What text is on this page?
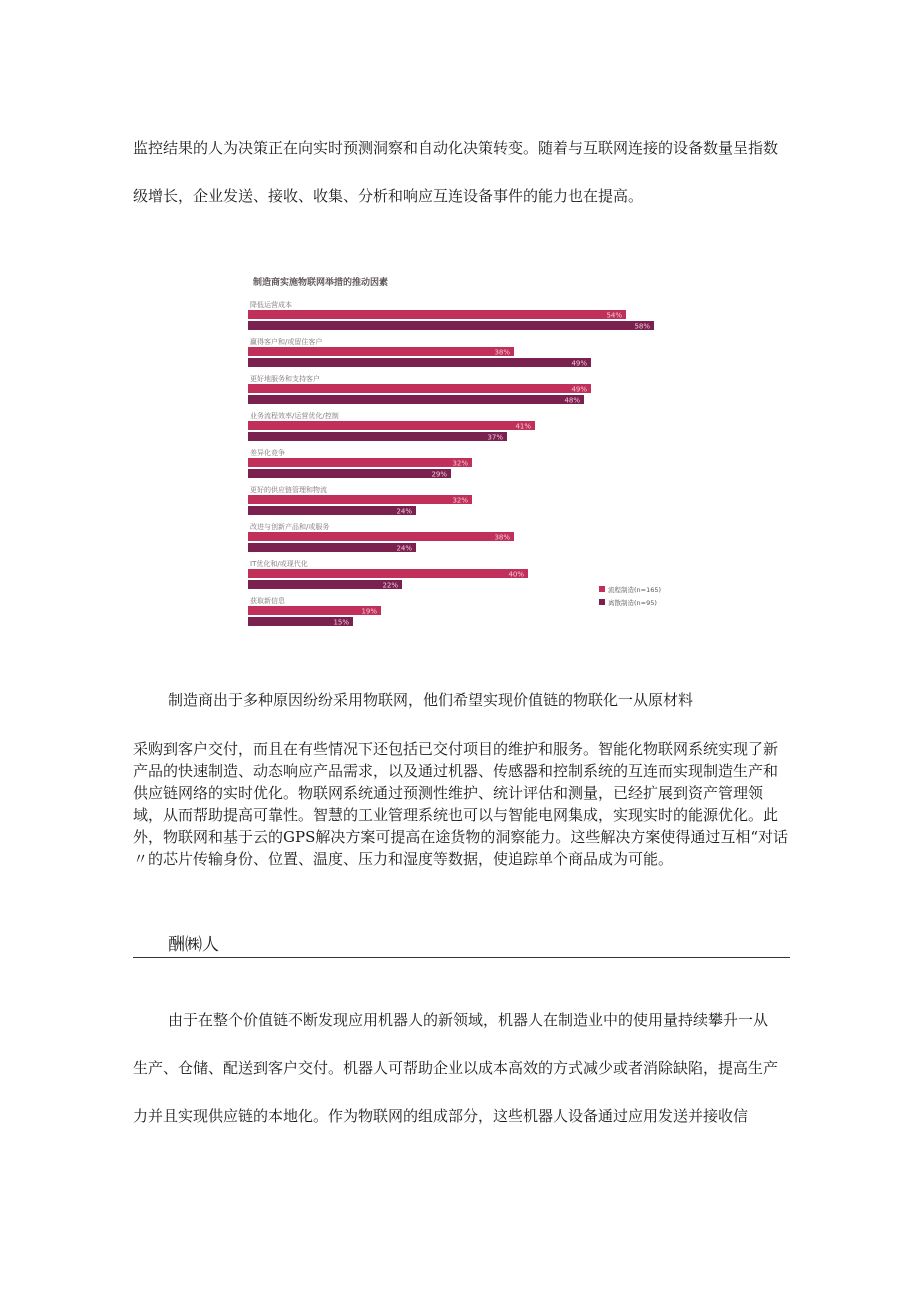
监控结果的人为决策正在向实时预测洞察和自动化决策转变。随着与互联网连接的设备数量呈指数级增长，企业发送、接收、收集、分析和响应互连设备事件的能力也在提高。

制造商实施物联网举措的推动因素
降低运营成本
54%
58%
赢得客户和/或留住客户
38%
49%
更好地服务和支持客户
49%
48%
业务流程效率/运营优化/控制
41%
37%
差异化竞争
32%
29%
更好的供应链管理和物流
32%
24%
改进与创新产品和/或服务
38%
24%
IT优化和/或现代化
40%
22%
获取新信息
19%
15%
流程制造(n=165)
离散制造(n=95)

制造商出于多种原因纷纷采用物联网，他们希望实现价值链的物联化一从原材料

采购到客户交付，而且在有些情况下还包括已交付项目的维护和服务。智能化物联网系统实现了新产品的快速制造、动态响应产品需求，以及通过机器、传感器和控制系统的互连而实现制造生产和供应链网络的实时优化。物联网系统通过预测性维护、统计评估和测量，已经扩展到资产管理领域，从而帮助提高可靠性。智慧的工业管理系统也可以与智能电网集成，实现实时的能源优化。此外，物联网和基于云的GPS解决方案可提高在途货物的洞察能力。这些解决方案使得通过互相“对话〃的芯片传输身份、位置、温度、压力和湿度等数据，使追踪单个商品成为可能。

酬㈱人

由于在整个价值链不断发现应用机器人的新领域，机器人在制造业中的使用量持续攀升一从

生产、仓储、配送到客户交付。机器人可帮助企业以成本高效的方式减少或者消除缺陷，提高生产力并且实现供应链的本地化。作为物联网的组成部分，这些机器人设备通过应用发送并接收信
